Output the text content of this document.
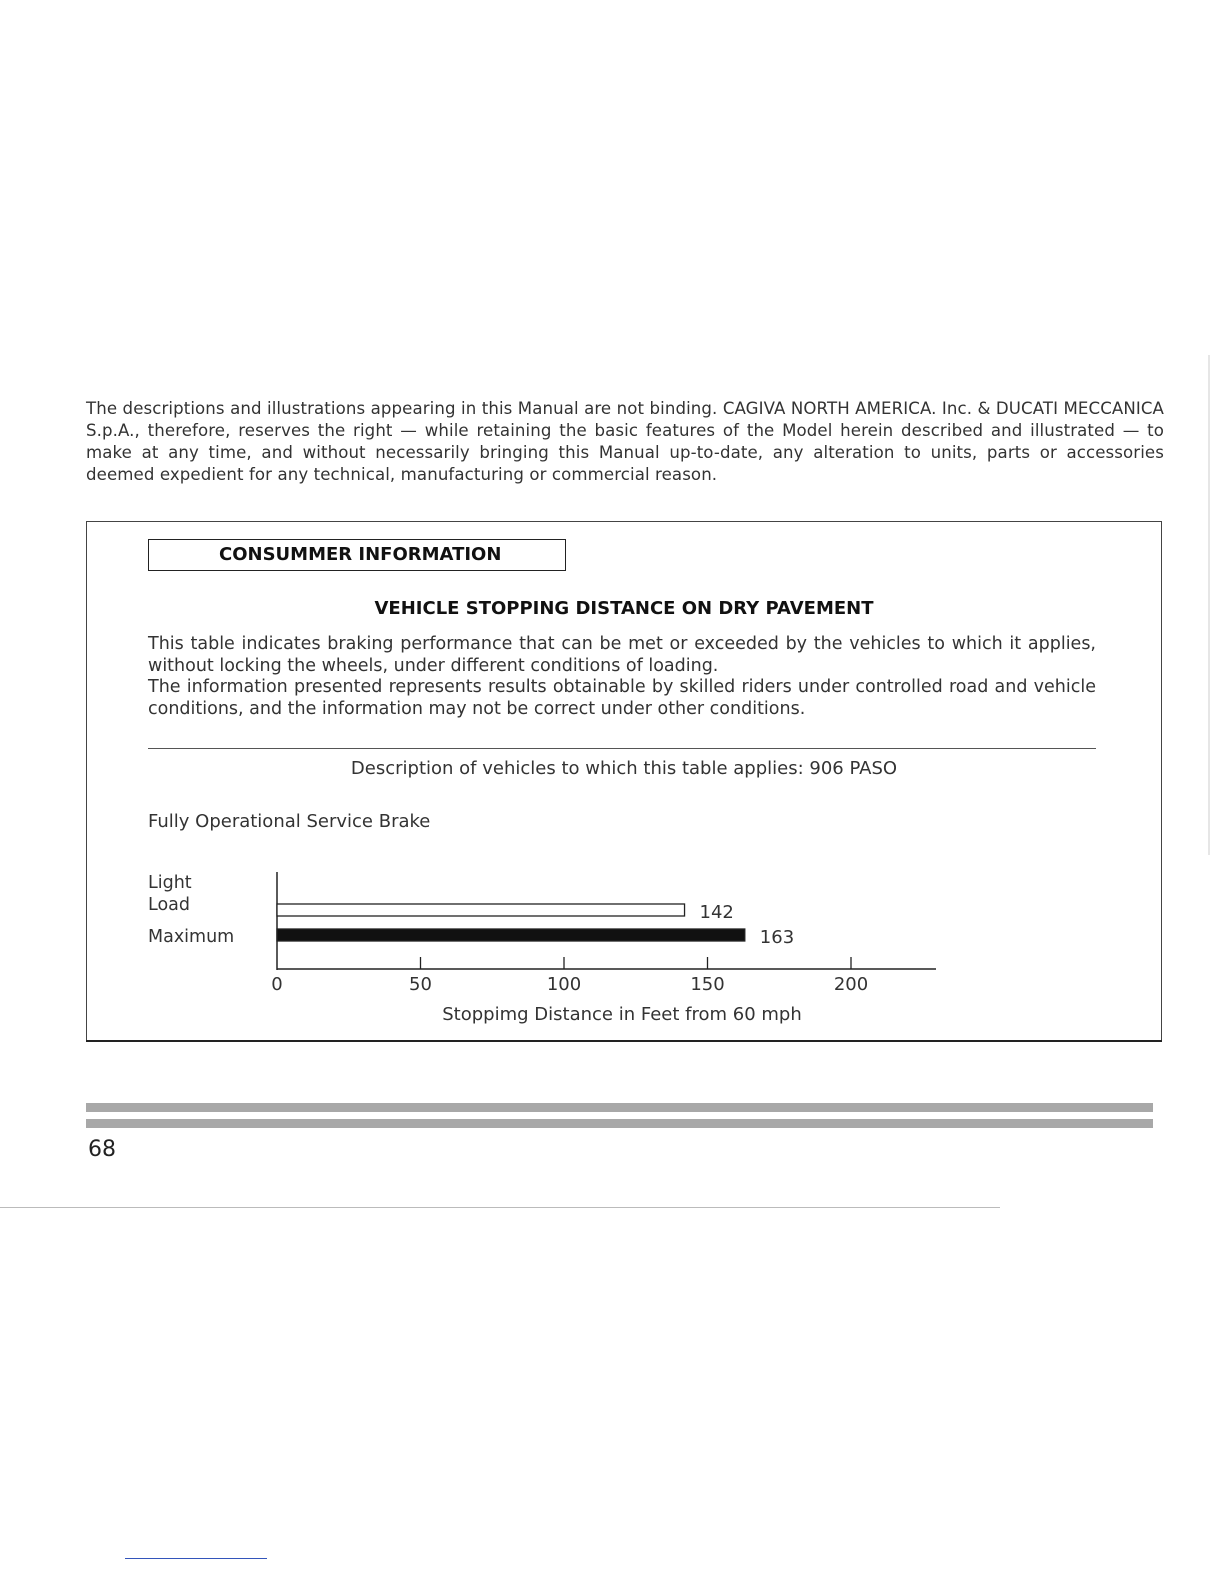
The descriptions and illustrations appearing in this Manual are not binding. CAGIVA NORTH AMERICA. Inc. & DUCATI MECCANICA S.p.A., therefore, reserves the right — while retaining the basic features of the Model herein described and illustrated — to make at any time, and without necessarily bringing this Manual up-to-date, any alteration to units, parts or accessories deemed expedient for any technical, manufacturing or commercial reason.
CONSUMMER INFORMATION
VEHICLE STOPPING DISTANCE ON DRY PAVEMENT

This table indicates braking performance that can be met or exceeded by the vehicles to which it applies, without locking the wheels, under different conditions of loading.

The information presented represents results obtainable by skilled riders under controlled road and vehicle conditions, and the information may not be correct under other conditions.

Description of vehicles to which this table applies: 906 PASO
Fully Operational Service Brake
0	50	100	150	200
142
163
Light
Load
Maximum
Stoppimg Distance in Feet from 60 mph
68
